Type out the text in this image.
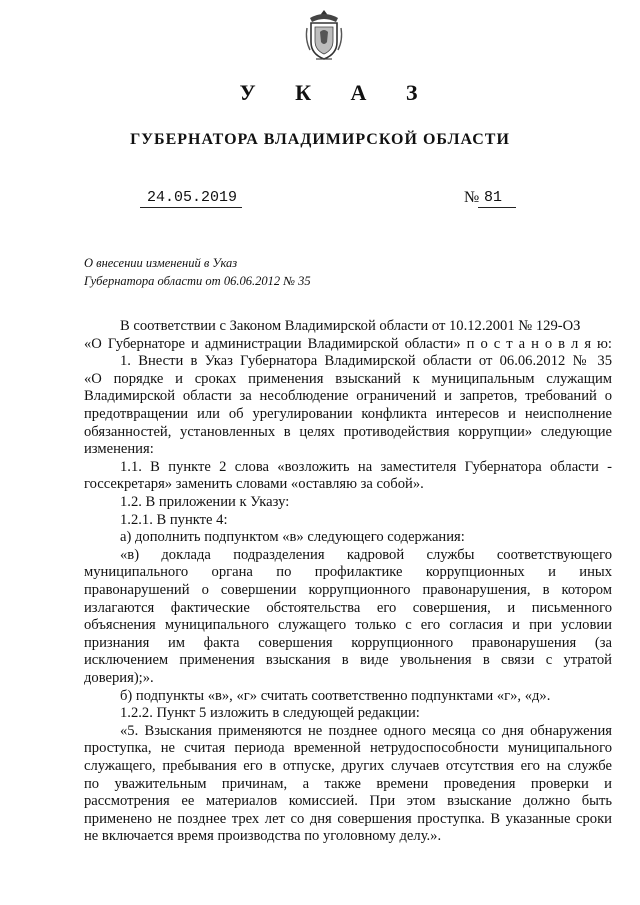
У К А З
ГУБЕРНАТОРА ВЛАДИМИРСКОЙ ОБЛАСТИ
24.05.2019	№ 81
О внесении изменений в Указ
Губернатора области от 06.06.2012 № 35
В соответствии с Законом Владимирской области от 10.12.2001 № 129-ОЗ
«О Губернаторе и администрации Владимирской области» п о с т а н о в л я ю:
1. Внести в Указ Губернатора Владимирской области от 06.06.2012 № 35
«О порядке и сроках применения взысканий к муниципальным служащим
Владимирской области за несоблюдение ограничений и запретов, требований о
предотвращении или об урегулировании конфликта интересов и неисполнение
обязанностей, установленных в целях противодействия коррупции» следующие
изменения:
1.1. В пункте 2 слова «возложить на заместителя Губернатора области -
госсекретаря» заменить словами «оставляю за собой».
1.2. В приложении к Указу:
1.2.1. В пункте 4:
а) дополнить подпунктом «в» следующего содержания:
«в) доклада подразделения кадровой службы соответствующего
муниципального органа по профилактике коррупционных и иных
правонарушений о совершении коррупционного правонарушения, в котором
излагаются фактические обстоятельства его совершения, и письменного
объяснения муниципального служащего только с его согласия и при условии
признания им факта совершения коррупционного правонарушения (за
исключением применения взыскания в виде увольнения в связи с утратой
доверия);».
б) подпункты «в», «г» считать соответственно подпунктами «г», «д».
1.2.2. Пункт 5 изложить в следующей редакции:
«5. Взыскания применяются не позднее одного месяца со дня обнаружения
проступка, не считая периода временной нетрудоспособности муниципального
служащего, пребывания его в отпуске, других случаев отсутствия его на службе
по уважительным причинам, а также времени проведения проверки и
рассмотрения ее материалов комиссией. При этом взыскание должно быть
применено не позднее трех лет со дня совершения проступка. В указанные сроки
не включается время производства по уголовному делу.».
